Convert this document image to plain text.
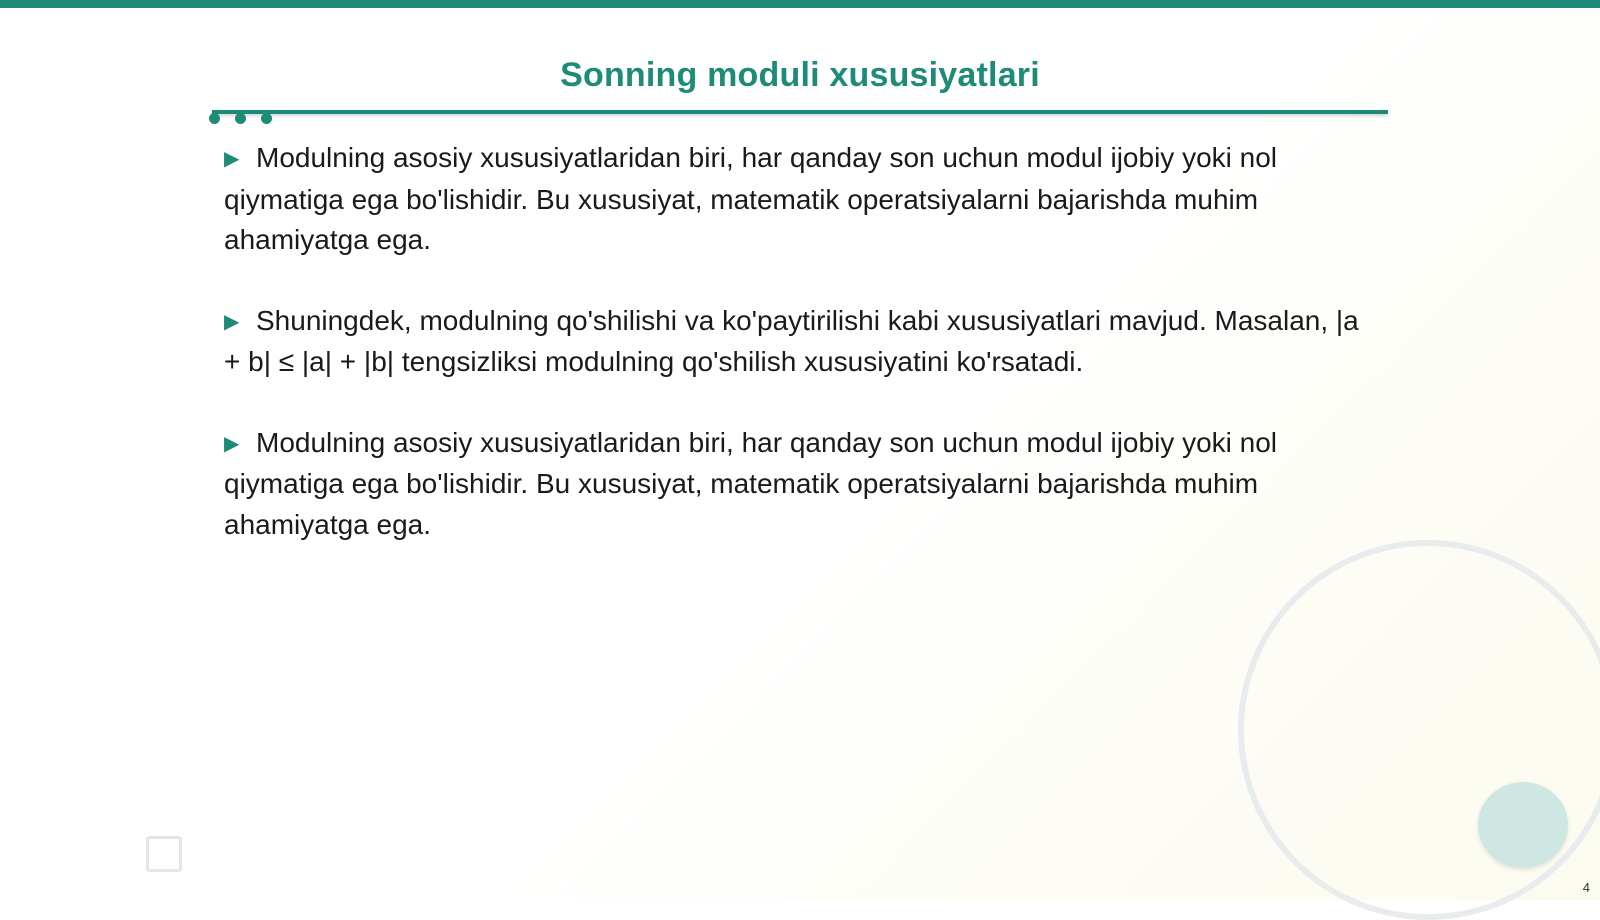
Sonning moduli xususiyatlari

▶ Modulning asosiy xususiyatlaridan biri, har qanday son uchun modul ijobiy yoki nol qiymatiga ega bo'lishidir. Bu xususiyat, matematik operatsiyalarni bajarishda muhim ahamiyatga ega.

▶ Shuningdek, modulning qo'shilishi va ko'paytirilishi kabi xususiyatlari mavjud. Masalan, |a + b| ≤ |a| + |b| tengsizliksi modulning qo'shilish xususiyatini ko'rsatadi.

▶ Modulning asosiy xususiyatlaridan biri, har qanday son uchun modul ijobiy yoki nol qiymatiga ega bo'lishidir. Bu xususiyat, matematik operatsiyalarni bajarishda muhim ahamiyatga ega.

4
